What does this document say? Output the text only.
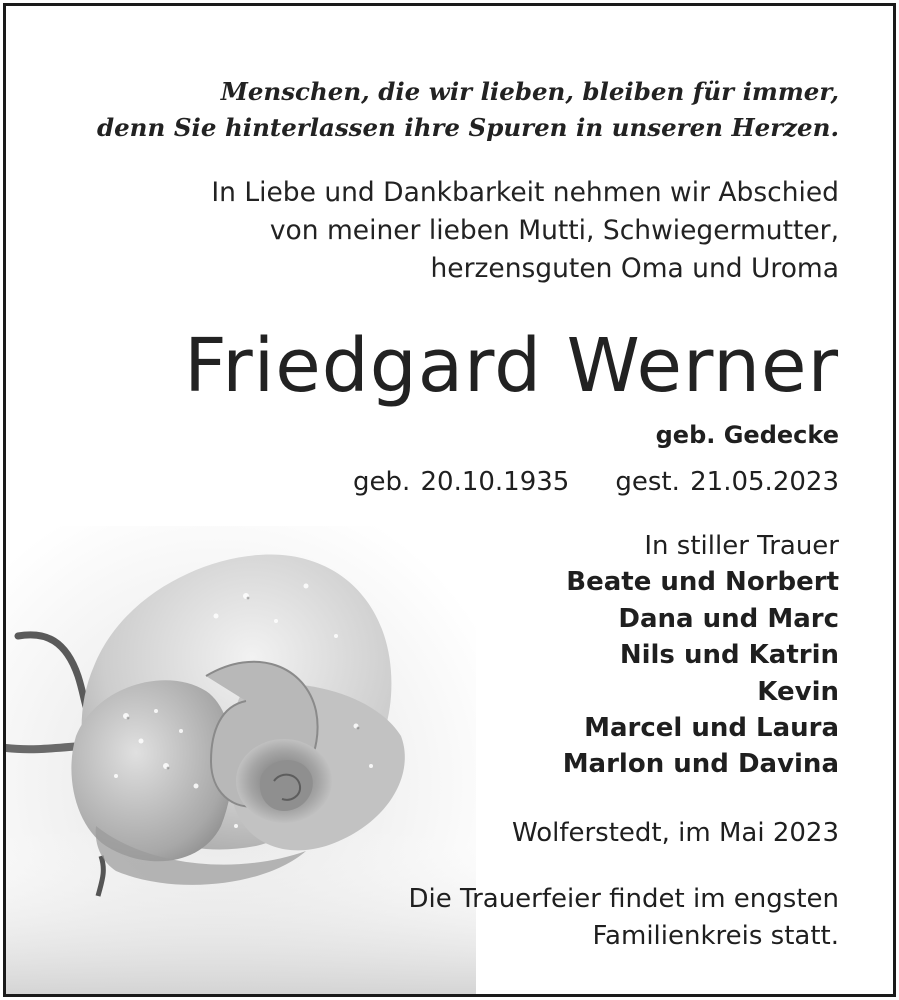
Menschen, die wir lieben, bleiben für immer,
denn Sie hinterlassen ihre Spuren in unseren Herzen.
In Liebe und Dankbarkeit nehmen wir Abschied
von meiner lieben Mutti, Schwiegermutter,
herzensguten Oma und Uroma
Friedgard Werner
geb. Gedecke
geb. 20.10.1935 gest. 21.05.2023
In stiller Trauer
Beate und Norbert
Dana und Marc
Nils und Katrin
Kevin
Marcel und Laura
Marlon und Davina
Wolferstedt, im Mai 2023
Die Trauerfeier findet im engsten
Familienkreis statt.
